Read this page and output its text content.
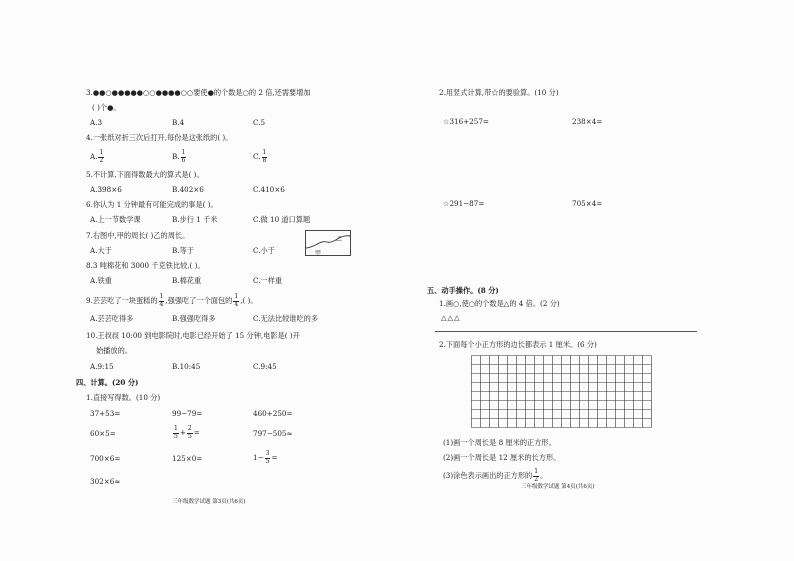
3.●●○●●●●●○○●●●●○○要使●的个数是○的 2 倍,还需要增加
( )个●。
A.3	B.4	C.5
4.一张纸对折三次后打开,每份是这张纸的( )。
A. $\frac{1}{2}$	B. $\frac{1}{6}$	C. $\frac{1}{8}$
5.不计算,下面得数最大的算式是( )。
A.398×6	B.402×6	C.410×6
6.你认为 1 分钟最有可能完成的事是( )。
A.上一节数学课	B.步行 1 千米	C.做 10 道口算题
7.右图中,甲的周长( )乙的周长。
A.大于	B.等于	C.小于	甲
乙
8.3 吨棉花和 3000 千克铁比较,( )。
A.铁重	B.棉花重	C.一样重
9.芸芸吃了一块蛋糕的 $\frac{1}{4}$ ,强强吃了一个面包的 $\frac{1}{4}$ ,( )。
A.芸芸吃得多	B.强强吃得多	C.无法比较谁吃的多
10.王叔叔 10:00 到电影院时,电影已经开始了 15 分钟,电影是( )开
始播放的。
A.9:15	B.10:45	C.9:45
四、计算。(20 分)
1.直接写得数。(10 分)
37+53=	99−79=	460+250=
60×5=	$\frac{1}{5} + \frac{2}{5}$ =	797−505≈
700×6=	125×0=	$1- \frac{3}{5}$ =
302×6≈
三年级数学试题 第3页(共6页)
2.用竖式计算,带☆的要验算。(10 分)
☆316+257=	238×4=
☆291−87=	705×4=
五、动手操作。(8 分)
1.画○,使○的个数是△的 4 倍。(2 分)
△△△
2.下面每个小正方形的边长都表示 1 厘米。(6 分)
(1)画一个周长是 8 厘米的正方形。
(2)画一个周长是 12 厘米的长方形。
(3)涂色表示画出的正方形的 $\frac{1}{2}$ 。
三年级数学试题 第4页(共6页)
